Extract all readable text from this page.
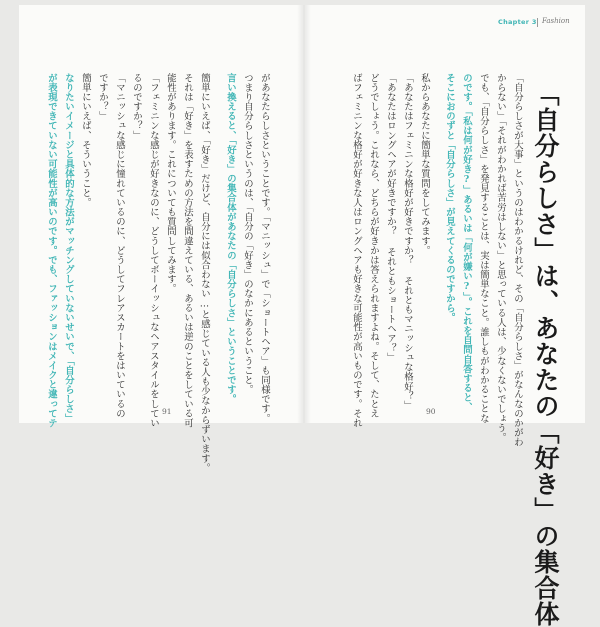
Chapter 3 Fashion
「自分らしさ」は、あなたの「好き」の集合体
「自分らしさが大事」というのはわかるけれど、その「自分らしさ」がなんなのかがわ
からない」「それがわかれば苦労はしない」と思っている人は、少なくないでしょう。
でも、「自分らしさ」を発見することは、実は簡単なこと。誰しもがわかることな
のです。「私は何が好き?」あるいは「何が嫌い?」。これを自問自答すると、
そこにおのずと「自分らしさ」が見えてくるのですから。
私からあなたに簡単な質問をしてみます。
「あなたはフェミニンな格好が好きですか？ それともマニッシュな格好？」
「あなたはロングヘアが好きですか？ それともショートヘア？」
どうでしょう。これなら、どちらが好きかは答えられますよね。そして、たとえ
ばフェミニンな格好が好きな人はロングヘアも好きな可能性が高いものです。それ	90
があなたらしさということです。「マニッシュ」で「ショートヘア」も同様です。
つまり自分らしさというのは、「自分の「好き」のなかにあるということ。
言い換えると、「好き」の集合体があなたの「自分らしさ」ということです。
簡単にいえば、「好き」だけど、自分には似合わない…と感じている人も少なからずいます。
それは「好き」を表すための方法を間違えている、あるいは逆のことをしている可
能性があります。これについても質問してみます。
「フェミニンな感じが好きなのに、どうしてボーイッシュなヘアスタイルをしてい
るのですか？」
「マニッシュな感じに憧れているのに、どうしてフレアスカートをはいているの
ですか？」
簡単にいえば、そういうこと。
なりたいイメージと具体的な方法がマッチングしていないせいで、「自分らしさ」
が表現できていない可能性が高いのです。でも、ファッションはメイクと違ってテ	91
